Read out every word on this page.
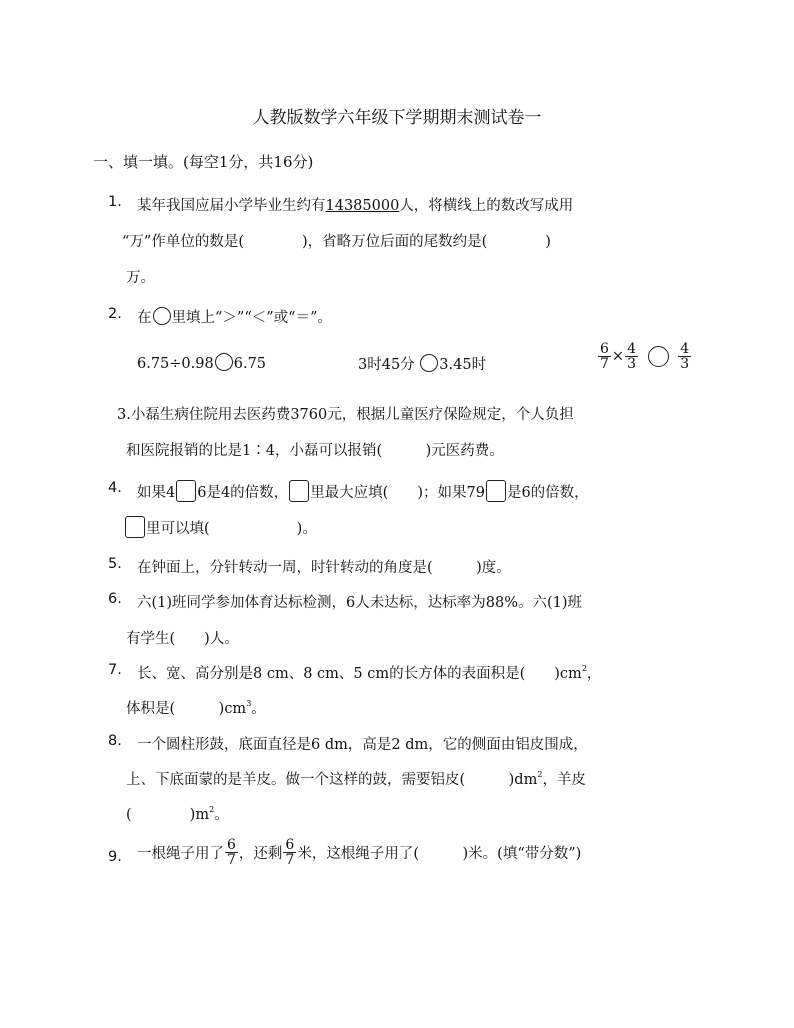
人教版数学六年级下学期期末测试卷一
一、填一填。(每空1分，共16分)
1. 某年我国应届小学毕业生约有14385000人，将横线上的数改写成用
“万”作单位的数是(　　　　)，省略万位后面的尾数约是(　　　　)
万。
2. 在 里填上“＞”“＜”或“＝”。
6.75÷0.98 6.75	3时45分 3.45时	$\frac{6}{7} \times \frac{4}{3}$
	$\frac{4}{3}$
3.小磊生病住院用去医药费3760元，根据儿童医疗保险规定，个人负担
和医院报销的比是1∶4，小磊可以报销(　　　)元医药费。
4. 如果4 6是4的倍数， 里最大应填(　　)；如果79 是6的倍数，
里可以填(　　　　　　)。
5. 在钟面上，分针转动一周，时针转动的角度是(　　　)度。
6. 六(1)班同学参加体育达标检测，6人未达标，达标率为88%。六(1)班
有学生(　　)人。
7. 长、宽、高分别是8 cm、8 cm、5 cm的长方体的表面积是(　　)$cm^2$，
体积是(　　　)$cm^3$。
8. 一个圆柱形鼓，底面直径是6 dm，高是2 dm，它的侧面由铝皮围成，
上、下底面蒙的是羊皮。做一个这样的鼓，需要铝皮(　　　)$dm^2$，羊皮
(　　　　)$m^2$。
9. 一根绳子用了 $\frac{6}{7}$ ，还剩 $\frac{6}{7}$ 米，这根绳子用了(　　　)米。(填“带分数”)
